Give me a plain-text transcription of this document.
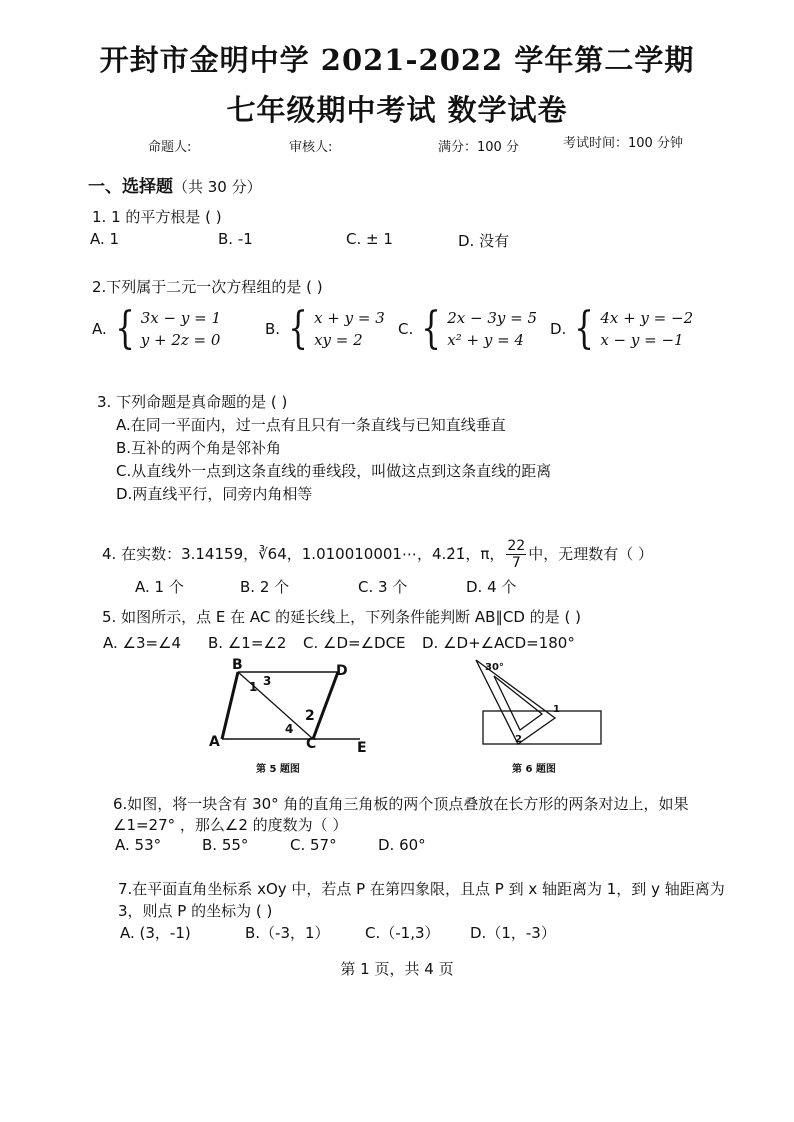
开封市金明中学 2021-2022 学年第二学期
七年级期中考试 数学试卷
命题人:	审核人:	满分：100 分	考试时间：100 分钟
一、选择题（共 30 分）
1. 1 的平方根是 ( )
A. 1	B. -1	C. ± 1	D. 没有
2.下列属于二元一次方程组的是 ( )
A. { 3x − y = 1
y + 2z = 0
B. { x + y = 3
xy = 2
C. { 2x − 3y = 5
x² + y = 4
D. { 4x + y = −2
x − y = −1
3. 下列命题是真命题的是 ( )
A.在同一平面内，过一点有且只有一条直线与已知直线垂直
B.互补的两个角是邻补角
C.从直线外一点到这条直线的垂线段，叫做这点到这条直线的距离
D.两直线平行，同旁内角相等
4. 在实数：3.14159，∛64，1.010010001⋯，4.2̇1̇，π， $\frac{22}{7}$ 中，无理数有（ ）
A. 1 个	B. 2 个	C. 3 个	D. 4 个
5. 如图所示，点 E 在 AC 的延长线上，下列条件能判断 AB∥CD 的是 ( )
A. ∠3=∠4 B. ∠1=∠2 C. ∠D=∠DCE D. ∠D+∠ACD=180°
B	D
A	C	E
1 3
4
2
第 5 题图
30°
1
2
第 6 题图
6.如图，将一块含有 30° 角的直角三角板的两个顶点叠放在长方形的两条对边上，如果
∠1=27° ，那么∠2 的度数为（ ）
A. 53°	B. 55°	C. 57°	D. 60°
7.在平面直角坐标系 xOy 中，若点 P 在第四象限，且点 P 到 x 轴距离为 1，到 y 轴距离为
3，则点 P 的坐标为 ( )
A. (3，-1)	B.（-3，1） C.（-1,3） D.（1，-3）
第 1 页，共 4 页
